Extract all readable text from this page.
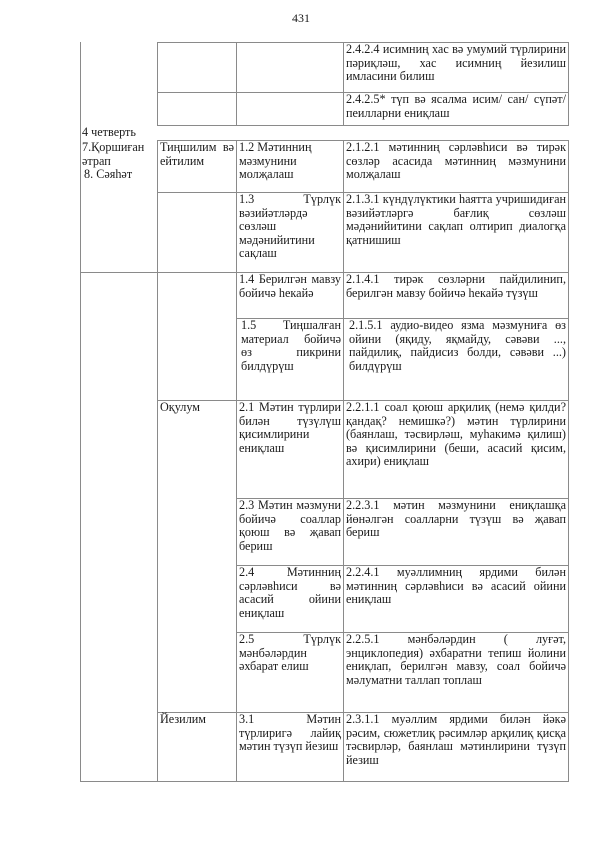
431
2.4.2.4 исимниң хас вә умумий түрлирини пәриқләш, хас исимниң йезилиш имласини билиш
2.4.2.5* түп вә ясалма исим/ сан/ сүпәт/пеилларни ениқлаш
4 четверть
7.Қоршиған әтрап
8. Сәяһәт
Тиңшилим вә ейтилим
1.2 Мәтинниң мәзмунини молҗалаш
2.1.2.1 мәтинниң сәрләвһиси вә тирәк сөзләр асасида мәтинниң мәзмунини молҗалаш
1.3 Түрлүк вәзийәтләрдә сөзләш мәдәнийитини сақлаш
2.1.3.1 күндүлүктики һаятта учришидиған вәзийәтләргә бағлиқ сөзләш мәдәнийитини сақлап олтирип диалогқа қатнишиш
1.4 Берилгән мавзу бойичә һекайә
2.1.4.1 тирәк сөзләрни пайдилинип, берилгән мавзу бойичә һекайә түзүш
1.5 Тиңшалған материал бойичә өз пикрини билдүрүш
2.1.5.1 аудио-видео язма мәзмуниға өз ойини (яқиду, яқмайду, сәвәви ..., пайдилиқ, пайдисиз болди, сәвәви ...) билдүрүш
Оқулум	2.1 Мәтин түрлири билән түзүлүш қисимлирини ениқлаш
2.2.1.1 соал қоюш арқилиқ (немә қилди? қандақ? немишкә?) мәтин түрлирини (баянлаш, тәсвирләш, муһакимә қилиш) вә қисимлирини (беши, асасий қисим, ахири) ениқлаш
2.3 Мәтин мәзмуни бойичә соаллар қоюш вә җавап бериш
2.2.3.1 мәтин мәзмунини ениқлашқа йөнәлгән соалларни түзүш вә җавап бериш
2.4 Мәтинниң сәрләвһиси вә асасий ойини ениқлаш
2.2.4.1 муәллимниң ярдими билән мәтинниң сәрләвһиси вә асасий ойини ениқлаш
2.5 Түрлүк мәнбәләрдин әхбарат елиш
2.2.5.1 мәнбәләрдин ( луғәт, энциклопедия) әхбаратни тепиш йолини ениқлап, берилгән мавзу, соал бойичә мәлуматни таллап топлаш
Йезилим	3.1 Мәтин түрлиригә лайиқ мәтин түзүп йезиш
2.3.1.1 муәллим ярдими билән йәкә рәсим, сюжетлиқ рәсимләр арқилиқ қисқа тәсвирләр, баянлаш мәтинлирини түзүп йезиш
